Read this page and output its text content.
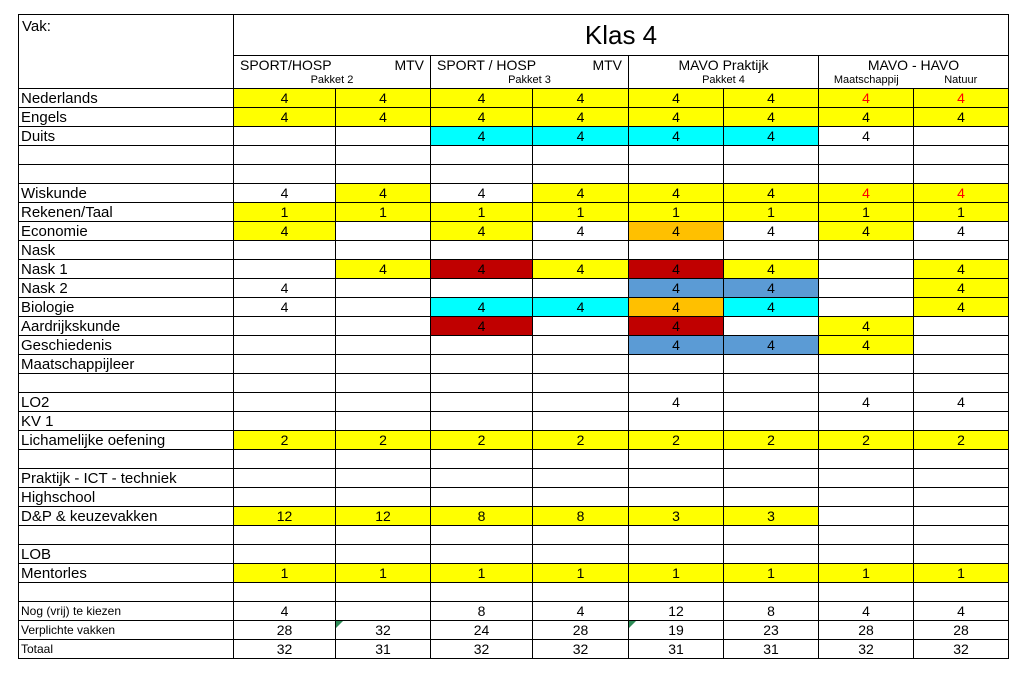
Vak:	Klas 4							

	SPORT/HOSP MTV		SPORT / HOSP MTV		MAVO Praktijk		MAVO - HAVO	
	Pakket 2		Pakket 3		Pakket 4		Maatschappij	Natuur
Nederlands	4	4	4	4	4	4	4	4
Engels	4	4	4	4	4	4	4	4
Duits			4	4	4	4	4	

Wiskunde	4	4	4	4	4	4	4	4
Rekenen/Taal	1	1	1	1	1	1	1	1
Economie	4		4	4	4	4	4	4
Nask								
Nask 1		4	4	4	4	4		4
Nask 2	4				4	4		4
Biologie	4		4	4	4	4		4
Aardrijkskunde			4		4		4	
Geschiedenis					4	4	4	
Maatschappijleer								

LO2					4		4	4
KV 1								
Lichamelijke oefening	2	2	2	2	2	2	2	2

Praktijk - ICT - techniek								
Highschool								
D&P & keuzevakken	12	12	8	8	3	3		

LOB								
Mentorles	1	1	1	1	1	1	1	1

Nog (vrij) te kiezen	4		8	4	12	8	4	4
Verplichte vakken	28	32	24	28	19	23	28	28
Totaal	32	31	32	32	31	31	32	32
